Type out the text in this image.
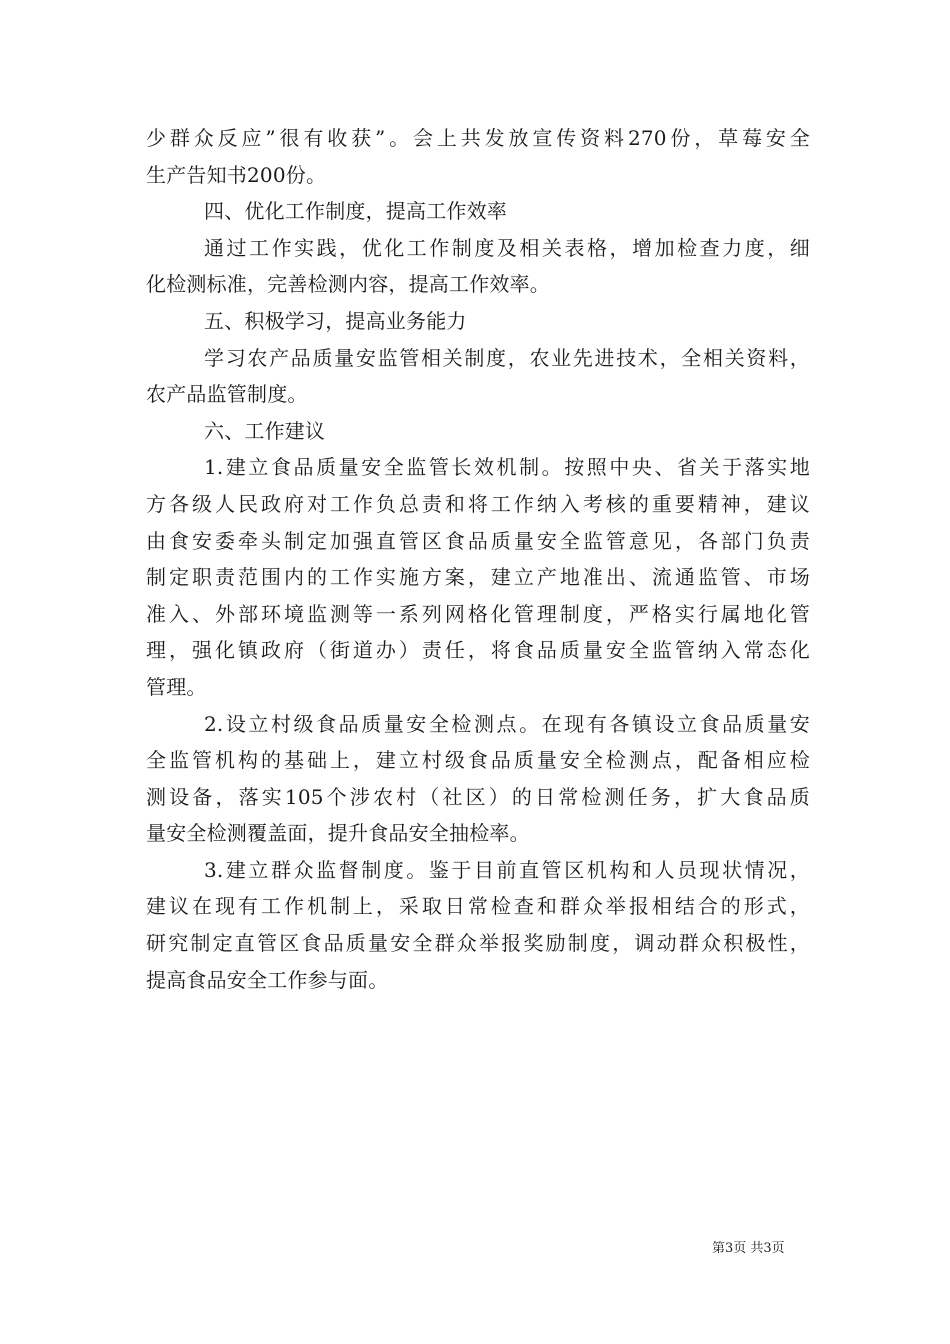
少群众反应”很有收获”。会上共发放宣传资料270份，草莓安全
生产告知书200份。
四、优化工作制度，提高工作效率
通过工作实践，优化工作制度及相关表格，增加检查力度，细
化检测标准，完善检测内容，提高工作效率。
五、积极学习，提高业务能力
学习农产品质量安监管相关制度，农业先进技术，全相关资料，
农产品监管制度。
六、工作建议
1.建立食品质量安全监管长效机制。按照中央、省关于落实地
方各级人民政府对工作负总责和将工作纳入考核的重要精神，建议
由食安委牵头制定加强直管区食品质量安全监管意见，各部门负责
制定职责范围内的工作实施方案，建立产地准出、流通监管、市场
准入、外部环境监测等一系列网格化管理制度，严格实行属地化管
理，强化镇政府（街道办）责任，将食品质量安全监管纳入常态化
管理。
2.设立村级食品质量安全检测点。在现有各镇设立食品质量安
全监管机构的基础上，建立村级食品质量安全检测点，配备相应检
测设备，落实105个涉农村（社区）的日常检测任务，扩大食品质
量安全检测覆盖面，提升食品安全抽检率。
3.建立群众监督制度。鉴于目前直管区机构和人员现状情况，
建议在现有工作机制上，采取日常检查和群众举报相结合的形式，
研究制定直管区食品质量安全群众举报奖励制度，调动群众积极性，
提高食品安全工作参与面。
第3页 共3页
